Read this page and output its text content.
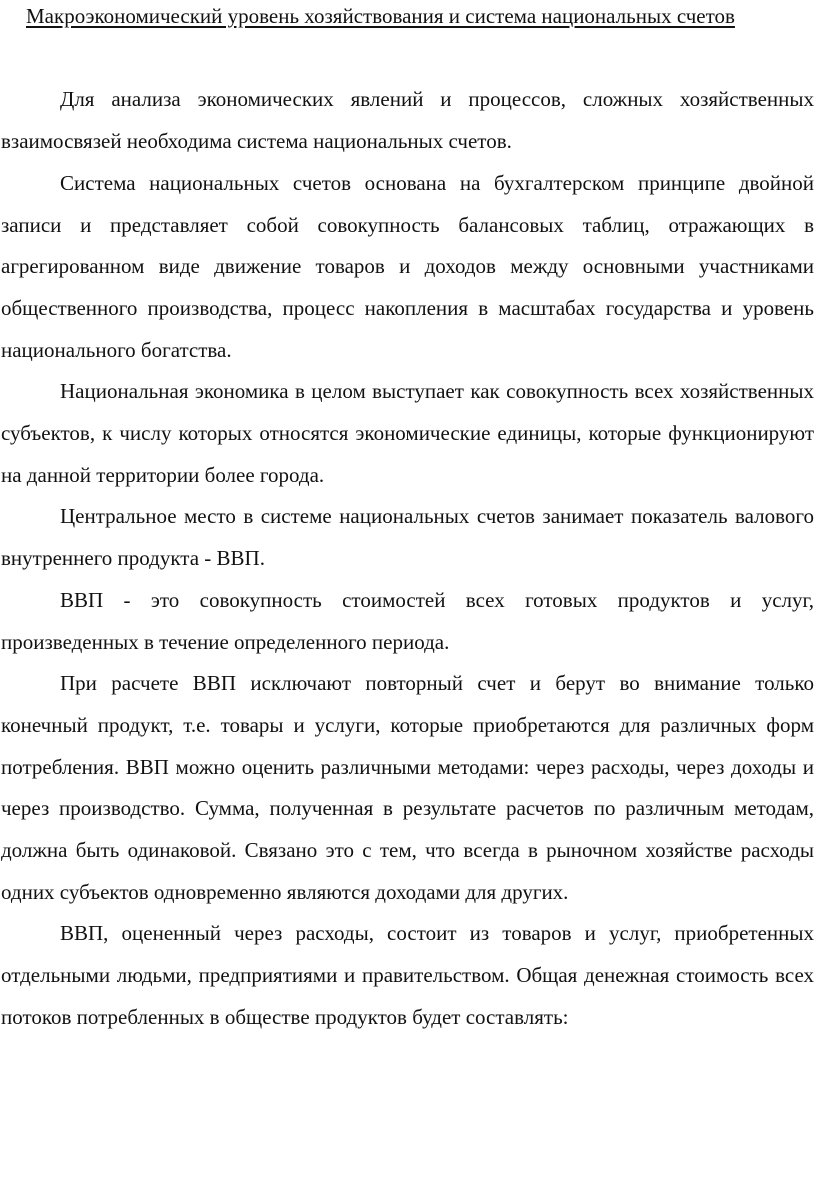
Макроэкономический уровень хозяйствования и система национальных счетов

Для анализа экономических явлений и процессов, сложных хозяйственных взаимосвязей необходима система национальных счетов.

Система национальных счетов основана на бухгалтерском принципе двойной записи и представляет собой совокупность балансовых таблиц, отражающих в агрегированном виде движение товаров и доходов между основными участниками общественного производства, процесс накопления в масштабах государства и уровень национального богатства.

Национальная экономика в целом выступает как совокупность всех хозяйственных субъектов, к числу которых относятся экономические единицы, которые функционируют на данной территории более города.

Центральное место в системе национальных счетов занимает показатель валового внутреннего продукта - ВВП.

ВВП - это совокупность стоимостей всех готовых продуктов и услуг, произведенных в течение определенного периода.

При расчете ВВП исключают повторный счет и берут во внимание только конечный продукт, т.е. товары и услуги, которые приобретаются для различных форм потребления. ВВП можно оценить различными методами: через расходы, через доходы и через производство. Сумма, полученная в результате расчетов по различным методам, должна быть одинаковой. Связано это с тем, что всегда в рыночном хозяйстве расходы одних субъектов одновременно являются доходами для других.

ВВП, оцененный через расходы, состоит из товаров и услуг, приобретенных отдельными людьми, предприятиями и правительством. Общая денежная стоимость всех потоков потребленных в обществе продуктов будет составлять:
